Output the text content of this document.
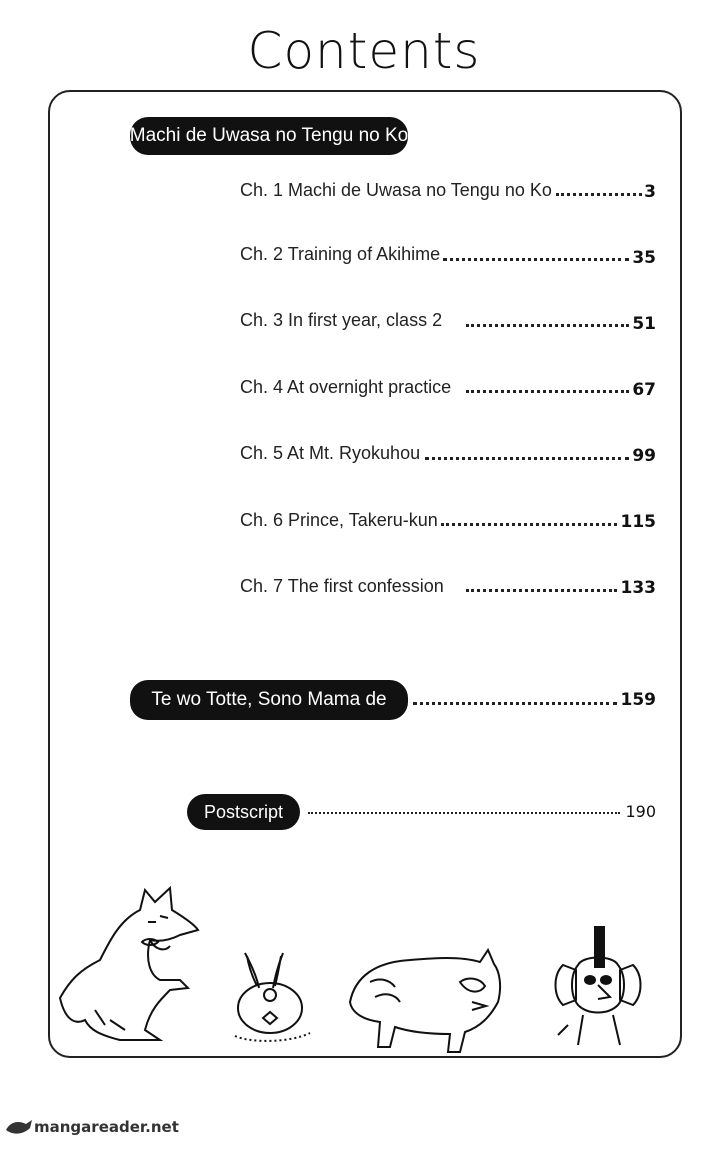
Contents
Machi de Uwasa no Tengu no Ko
Ch. 1 Machi de Uwasa no Tengu no Ko	3
Ch. 2 Training of Akihime	35
Ch. 3 In first year, class 2	51
Ch. 4 At overnight practice	67
Ch. 5 At Mt. Ryokuhou	99
Ch. 6 Prince, Takeru-kun	115
Ch. 7 The first confession	133
Te wo Totte, Sono Mama de	159
Postscript	190
mangareader.net
